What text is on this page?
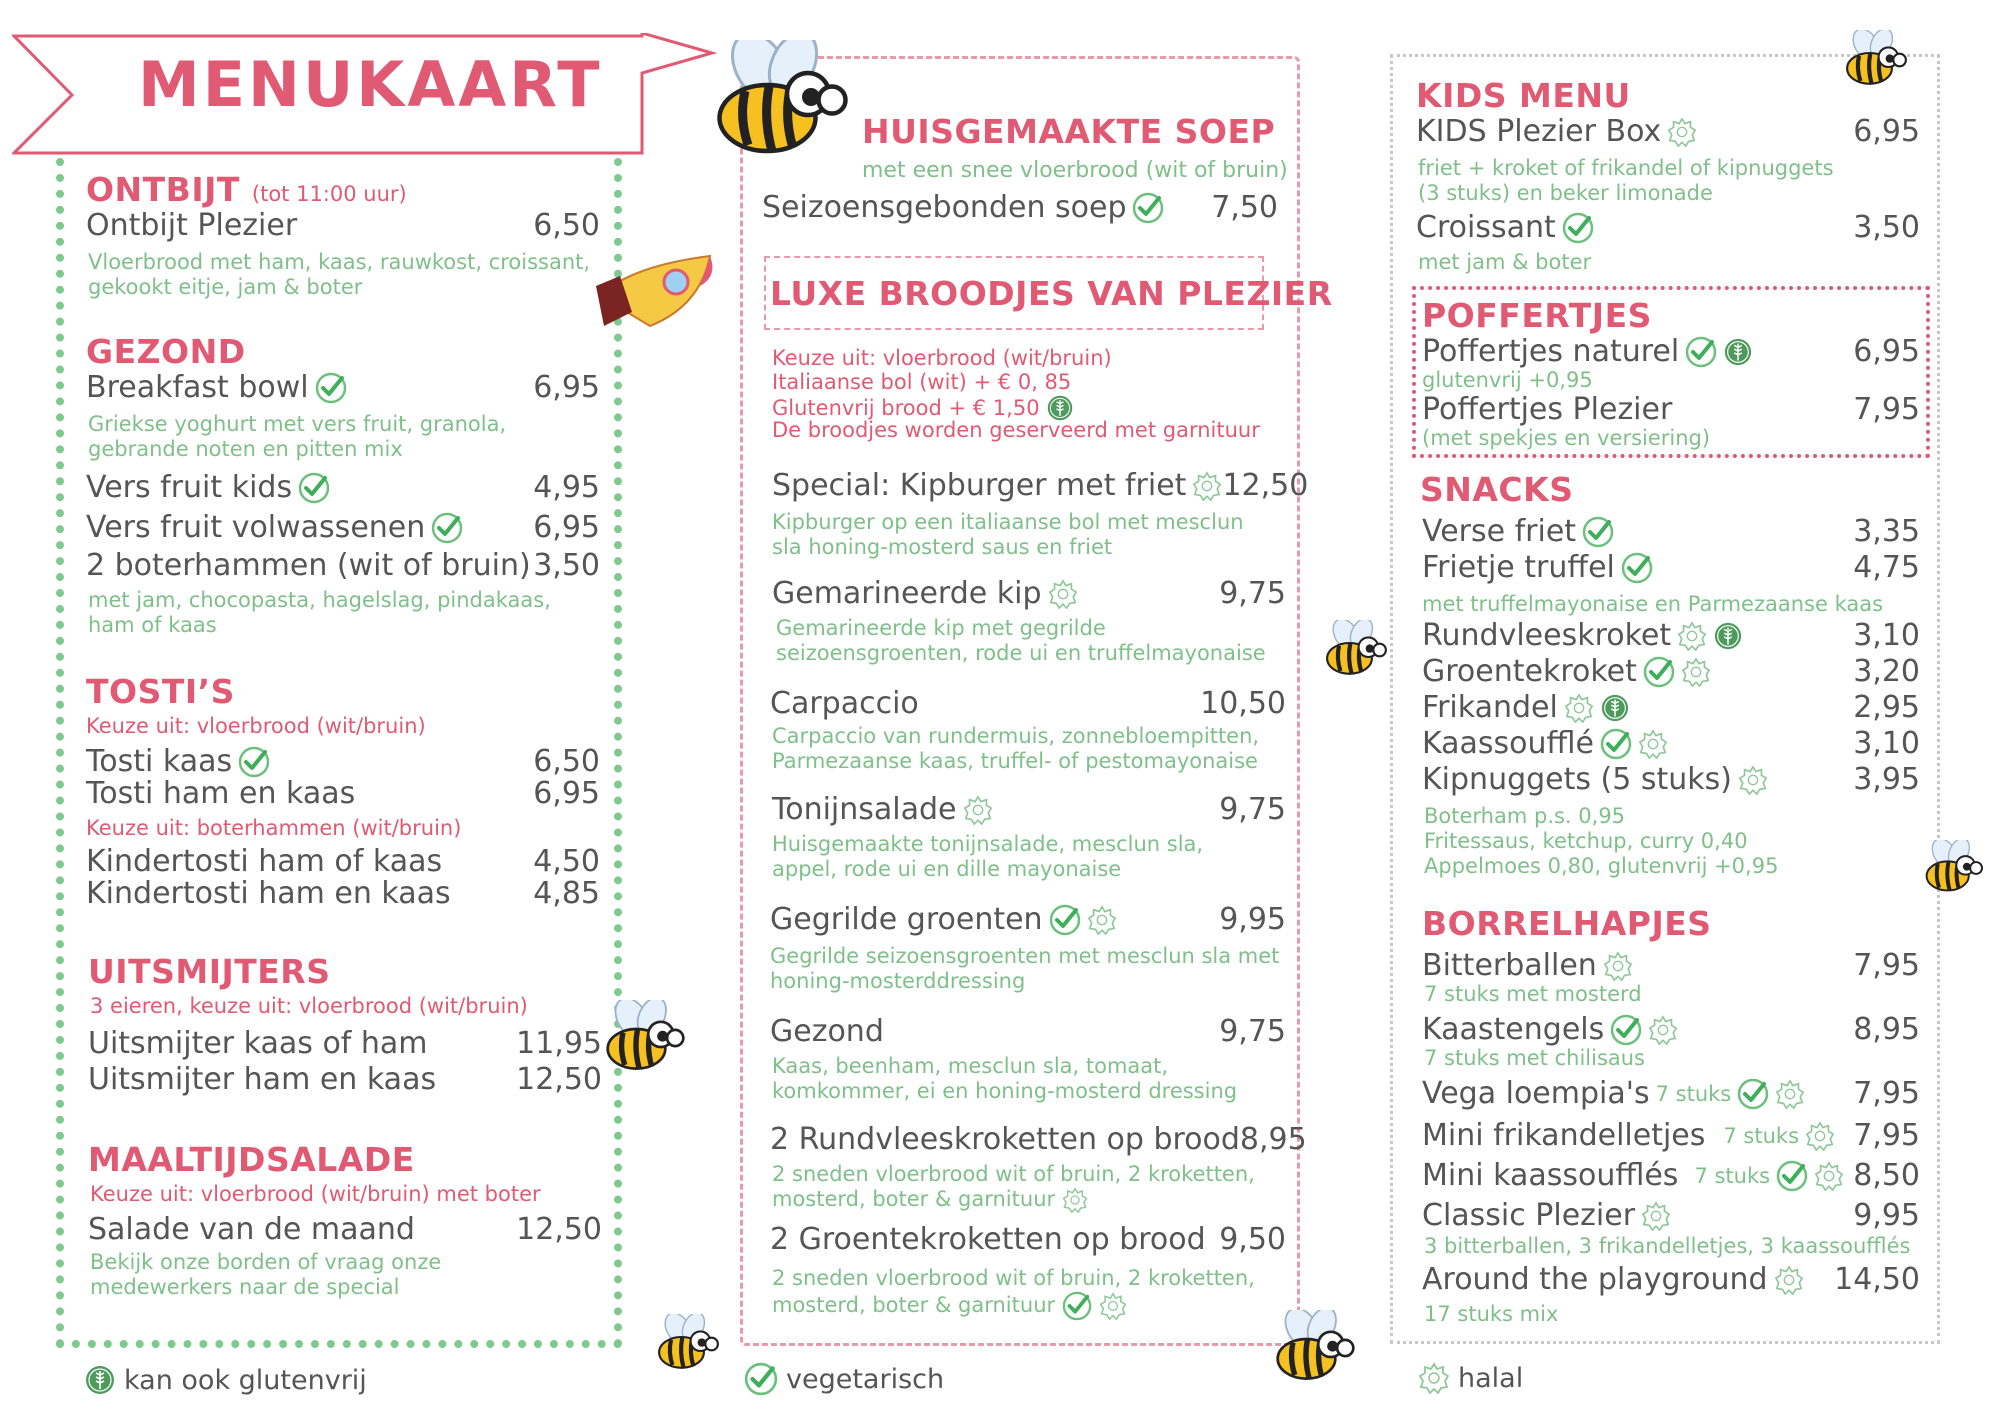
MENUKAART
ONTBIJT (tot 11:00 uur)
Ontbijt Plezier	6,50
Vloerbrood met ham, kaas, rauwkost, croissant, gekookt eitje, jam & boter
GEZOND
Breakfast bowl	6,95
Griekse yoghurt met vers fruit, granola, gebrande noten en pitten mix
Vers fruit kids	4,95
Vers fruit volwassenen	6,95
2 boterhammen (wit of bruin) 3,50
met jam, chocopasta, hagelslag, pindakaas, ham of kaas
TOSTI’S
Keuze uit: vloerbrood (wit/bruin)
Tosti kaas	6,50
Tosti ham en kaas	6,95
Keuze uit: boterhammen (wit/bruin)
Kindertosti ham of kaas	4,50
Kindertosti ham en kaas	4,85
UITSMIJTERS
3 eieren, keuze uit: vloerbrood (wit/bruin)
Uitsmijter kaas of ham	11,95
Uitsmijter ham en kaas	12,50
MAALTIJDSALADE
Keuze uit: vloerbrood (wit/bruin) met boter
Salade van de maand	12,50
Bekijk onze borden of vraag onze medewerkers naar de special
HUISGEMAAKTE SOEP
met een snee vloerbrood (wit of bruin)
Seizoensgebonden soep	7,50
LUXE BROODJES VAN PLEZIER
Keuze uit: vloerbrood (wit/bruin)
Italiaanse bol (wit) + € 0, 85
Glutenvrij brood + € 1,50
De broodjes worden geserveerd met garnituur
Special: Kipburger met friet 12,50
Kipburger op een italiaanse bol met mesclun sla honing-mosterd saus en friet
Gemarineerde kip	9,75
Gemarineerde kip met gegrilde seizoensgroenten, rode ui en truffelmayonaise
Carpaccio	10,50
Carpaccio van rundermuis, zonnebloempitten, Parmezaanse kaas, truffel- of pestomayonaise
Tonijnsalade	9,75
Huisgemaakte tonijnsalade, mesclun sla, appel, rode ui en dille mayonaise
Gegrilde groenten	9,95
Gegrilde seizoensgroenten met mesclun sla met honing-mosterddressing
Gezond	9,75
Kaas, beenham, mesclun sla, tomaat, komkommer, ei en honing-mosterd dressing
2 Rundvleeskroketten op brood 8,95
2 sneden vloerbrood wit of bruin, 2 kroketten, mosterd, boter & garnituur
2 Groentekroketten op brood 9,50
2 sneden vloerbrood wit of bruin, 2 kroketten, mosterd, boter & garnituur
KIDS MENU
KIDS Plezier Box	6,95
friet + kroket of frikandel of kipnuggets (3 stuks) en beker limonade
Croissant	3,50
met jam & boter
POFFERTJES
Poffertjes naturel	6,95
glutenvrij +0,95
Poffertjes Plezier	7,95
(met spekjes en versiering)
SNACKS
Verse friet	3,35
Frietje truffel	4,75
met truffelmayonaise en Parmezaanse kaas
Rundvleeskroket	3,10
Groentekroket	3,20
Frikandel	2,95
Kaassoufflé	3,10
Kipnuggets (5 stuks)	3,95
Boterham p.s. 0,95
Fritessaus, ketchup, curry 0,40
Appelmoes 0,80, glutenvrij +0,95
BORRELHAPJES
Bitterballen	7,95
7 stuks met mosterd
Kaastengels	8,95
7 stuks met chilisaus
Vega loempia's 7 stuks	7,95
Mini frikandelletjes 7 stuks 7,95
Mini kaassoufflés 7 stuks	8,50
Classic Plezier	9,95
3 bitterballen, 3 frikandelletjes, 3 kaassoufflés
Around the playground 14,50
17 stuks mix
kan ook glutenvrij	vegetarisch	halal
